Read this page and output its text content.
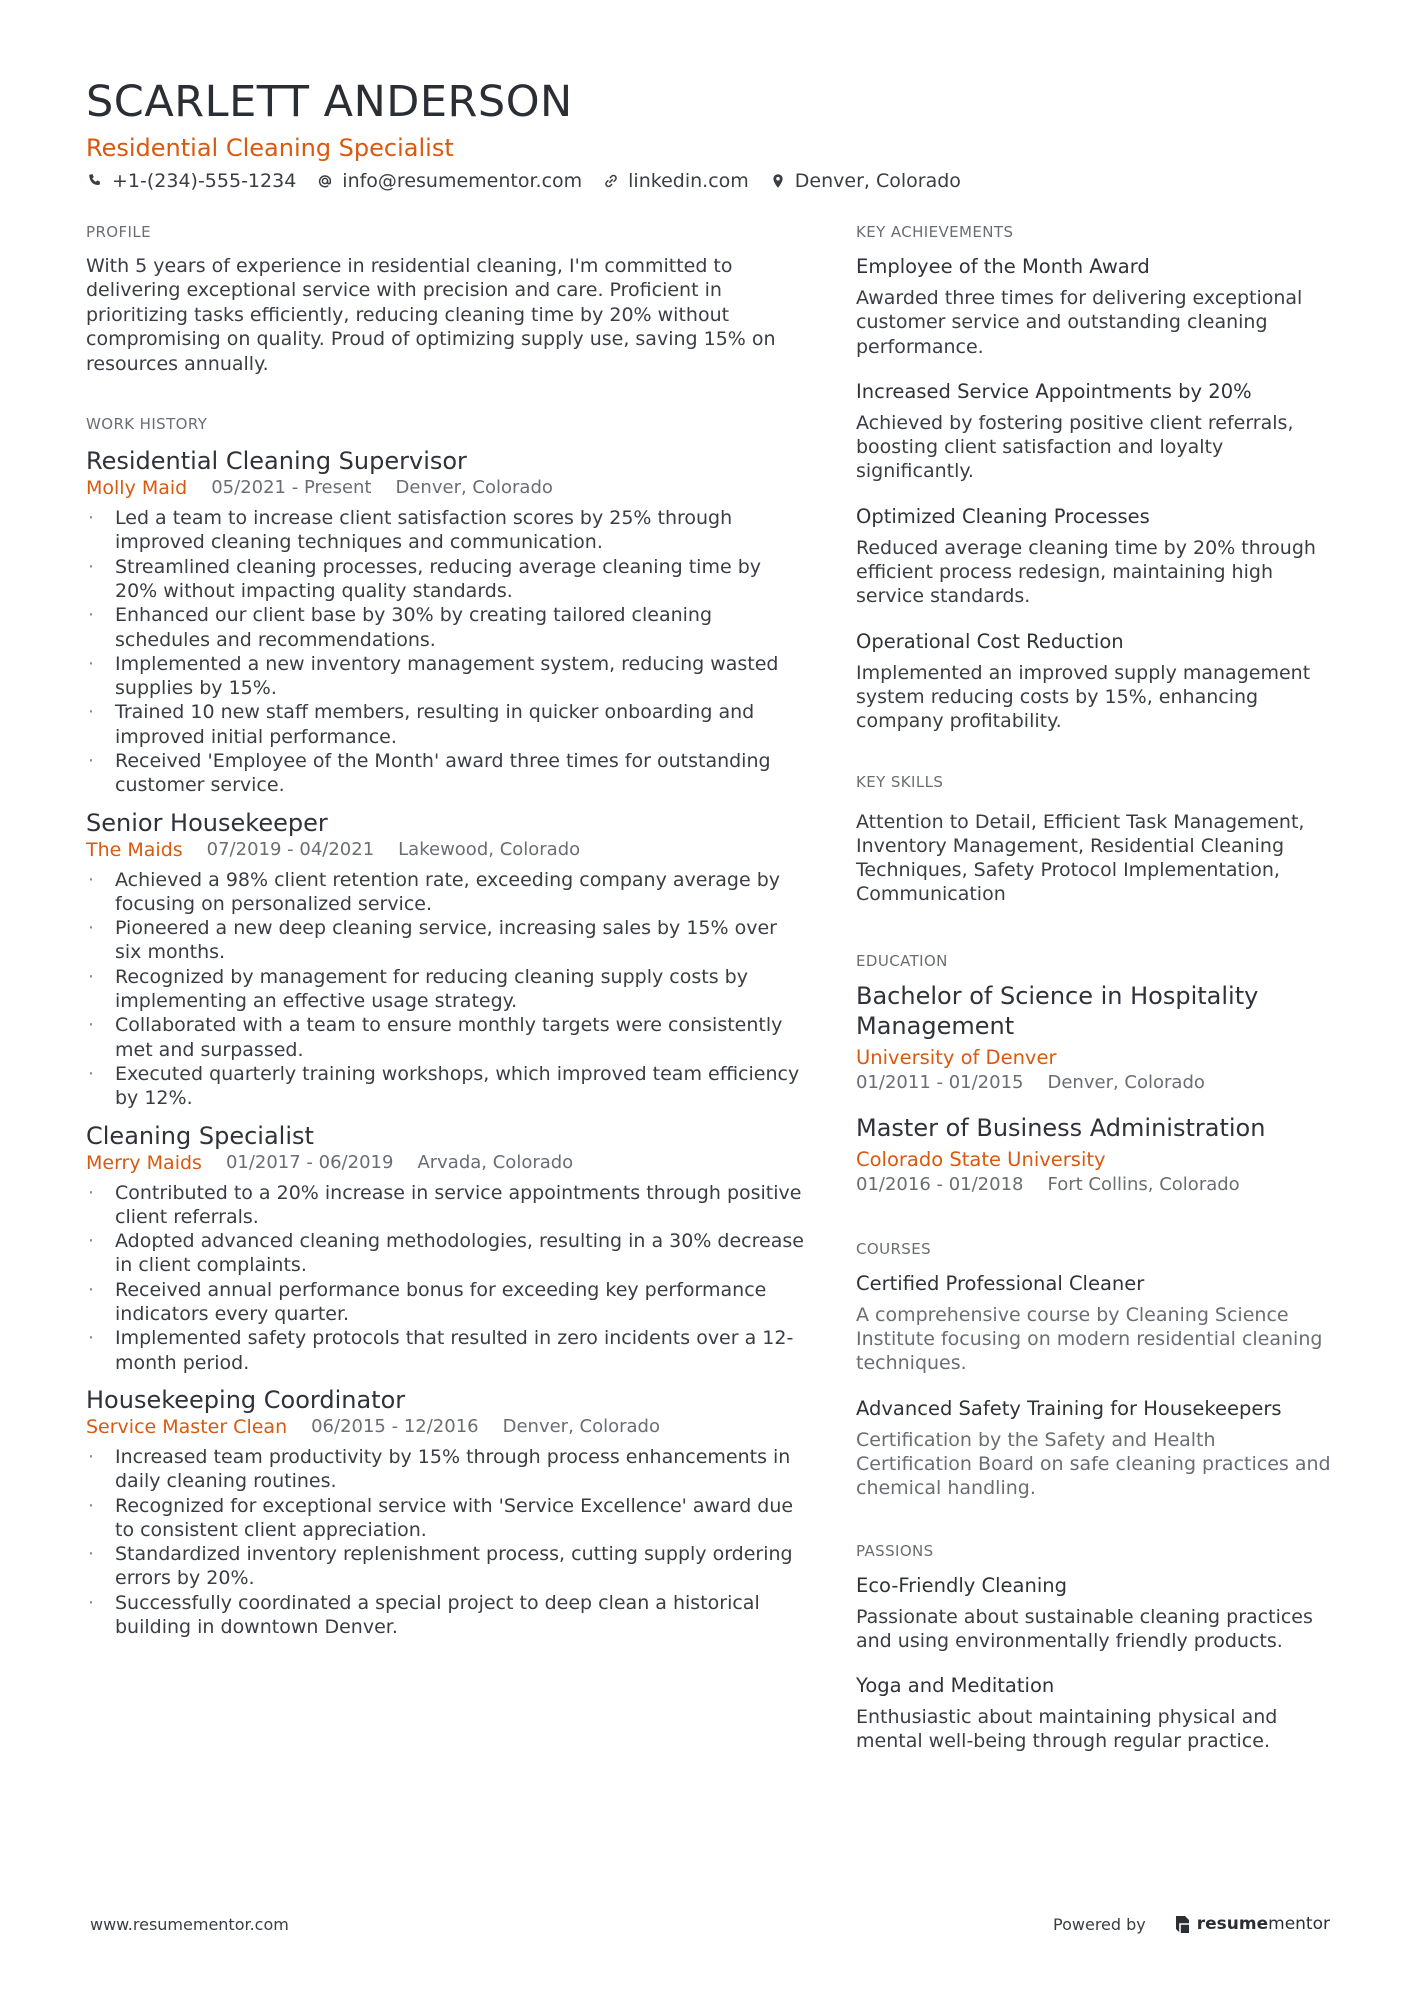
SCARLETT ANDERSON
Residential Cleaning Specialist
+1-(234)-555-1234 info@resumementor.com linkedin.com Denver, Colorado
PROFILE
With 5 years of experience in residential cleaning, I'm committed to delivering exceptional service with precision and care. Proficient in prioritizing tasks efficiently, reducing cleaning time by 20% without compromising on quality. Proud of optimizing supply use, saving 15% on resources annually.
WORK HISTORY
Residential Cleaning Supervisor
Molly Maid 05/2021 - Present Denver, Colorado
· Led a team to increase client satisfaction scores by 25% through improved cleaning techniques and communication.
· Streamlined cleaning processes, reducing average cleaning time by 20% without impacting quality standards.
· Enhanced our client base by 30% by creating tailored cleaning schedules and recommendations.
· Implemented a new inventory management system, reducing wasted supplies by 15%.
· Trained 10 new staff members, resulting in quicker onboarding and improved initial performance.
· Received 'Employee of the Month' award three times for outstanding customer service.
Senior Housekeeper
The Maids 07/2019 - 04/2021 Lakewood, Colorado
· Achieved a 98% client retention rate, exceeding company average by focusing on personalized service.
· Pioneered a new deep cleaning service, increasing sales by 15% over six months.
· Recognized by management for reducing cleaning supply costs by implementing an effective usage strategy.
· Collaborated with a team to ensure monthly targets were consistently met and surpassed.
· Executed quarterly training workshops, which improved team efficiency by 12%.
Cleaning Specialist
Merry Maids 01/2017 - 06/2019 Arvada, Colorado
· Contributed to a 20% increase in service appointments through positive client referrals.
· Adopted advanced cleaning methodologies, resulting in a 30% decrease in client complaints.
· Received annual performance bonus for exceeding key performance indicators every quarter.
· Implemented safety protocols that resulted in zero incidents over a 12-month period.
Housekeeping Coordinator
Service Master Clean 06/2015 - 12/2016 Denver, Colorado
· Increased team productivity by 15% through process enhancements in daily cleaning routines.
· Recognized for exceptional service with 'Service Excellence' award due to consistent client appreciation.
· Standardized inventory replenishment process, cutting supply ordering errors by 20%.
· Successfully coordinated a special project to deep clean a historical building in downtown Denver.
KEY ACHIEVEMENTS
Employee of the Month Award
Awarded three times for delivering exceptional customer service and outstanding cleaning performance.
Increased Service Appointments by 20%
Achieved by fostering positive client referrals, boosting client satisfaction and loyalty significantly.
Optimized Cleaning Processes
Reduced average cleaning time by 20% through efficient process redesign, maintaining high service standards.
Operational Cost Reduction
Implemented an improved supply management system reducing costs by 15%, enhancing company profitability.
KEY SKILLS
Attention to Detail, Efficient Task Management, Inventory Management, Residential Cleaning Techniques, Safety Protocol Implementation, Communication
EDUCATION
Bachelor of Science in Hospitality Management
University of Denver
01/2011 - 01/2015 Denver, Colorado
Master of Business Administration
Colorado State University
01/2016 - 01/2018 Fort Collins, Colorado
COURSES
Certified Professional Cleaner
A comprehensive course by Cleaning Science Institute focusing on modern residential cleaning techniques.
Advanced Safety Training for Housekeepers
Certification by the Safety and Health Certification Board on safe cleaning practices and chemical handling.
PASSIONS
Eco-Friendly Cleaning
Passionate about sustainable cleaning practices and using environmentally friendly products.
Yoga and Meditation
Enthusiastic about maintaining physical and mental well-being through regular practice.
www.resumementor.com	Powered by	resume mentor
